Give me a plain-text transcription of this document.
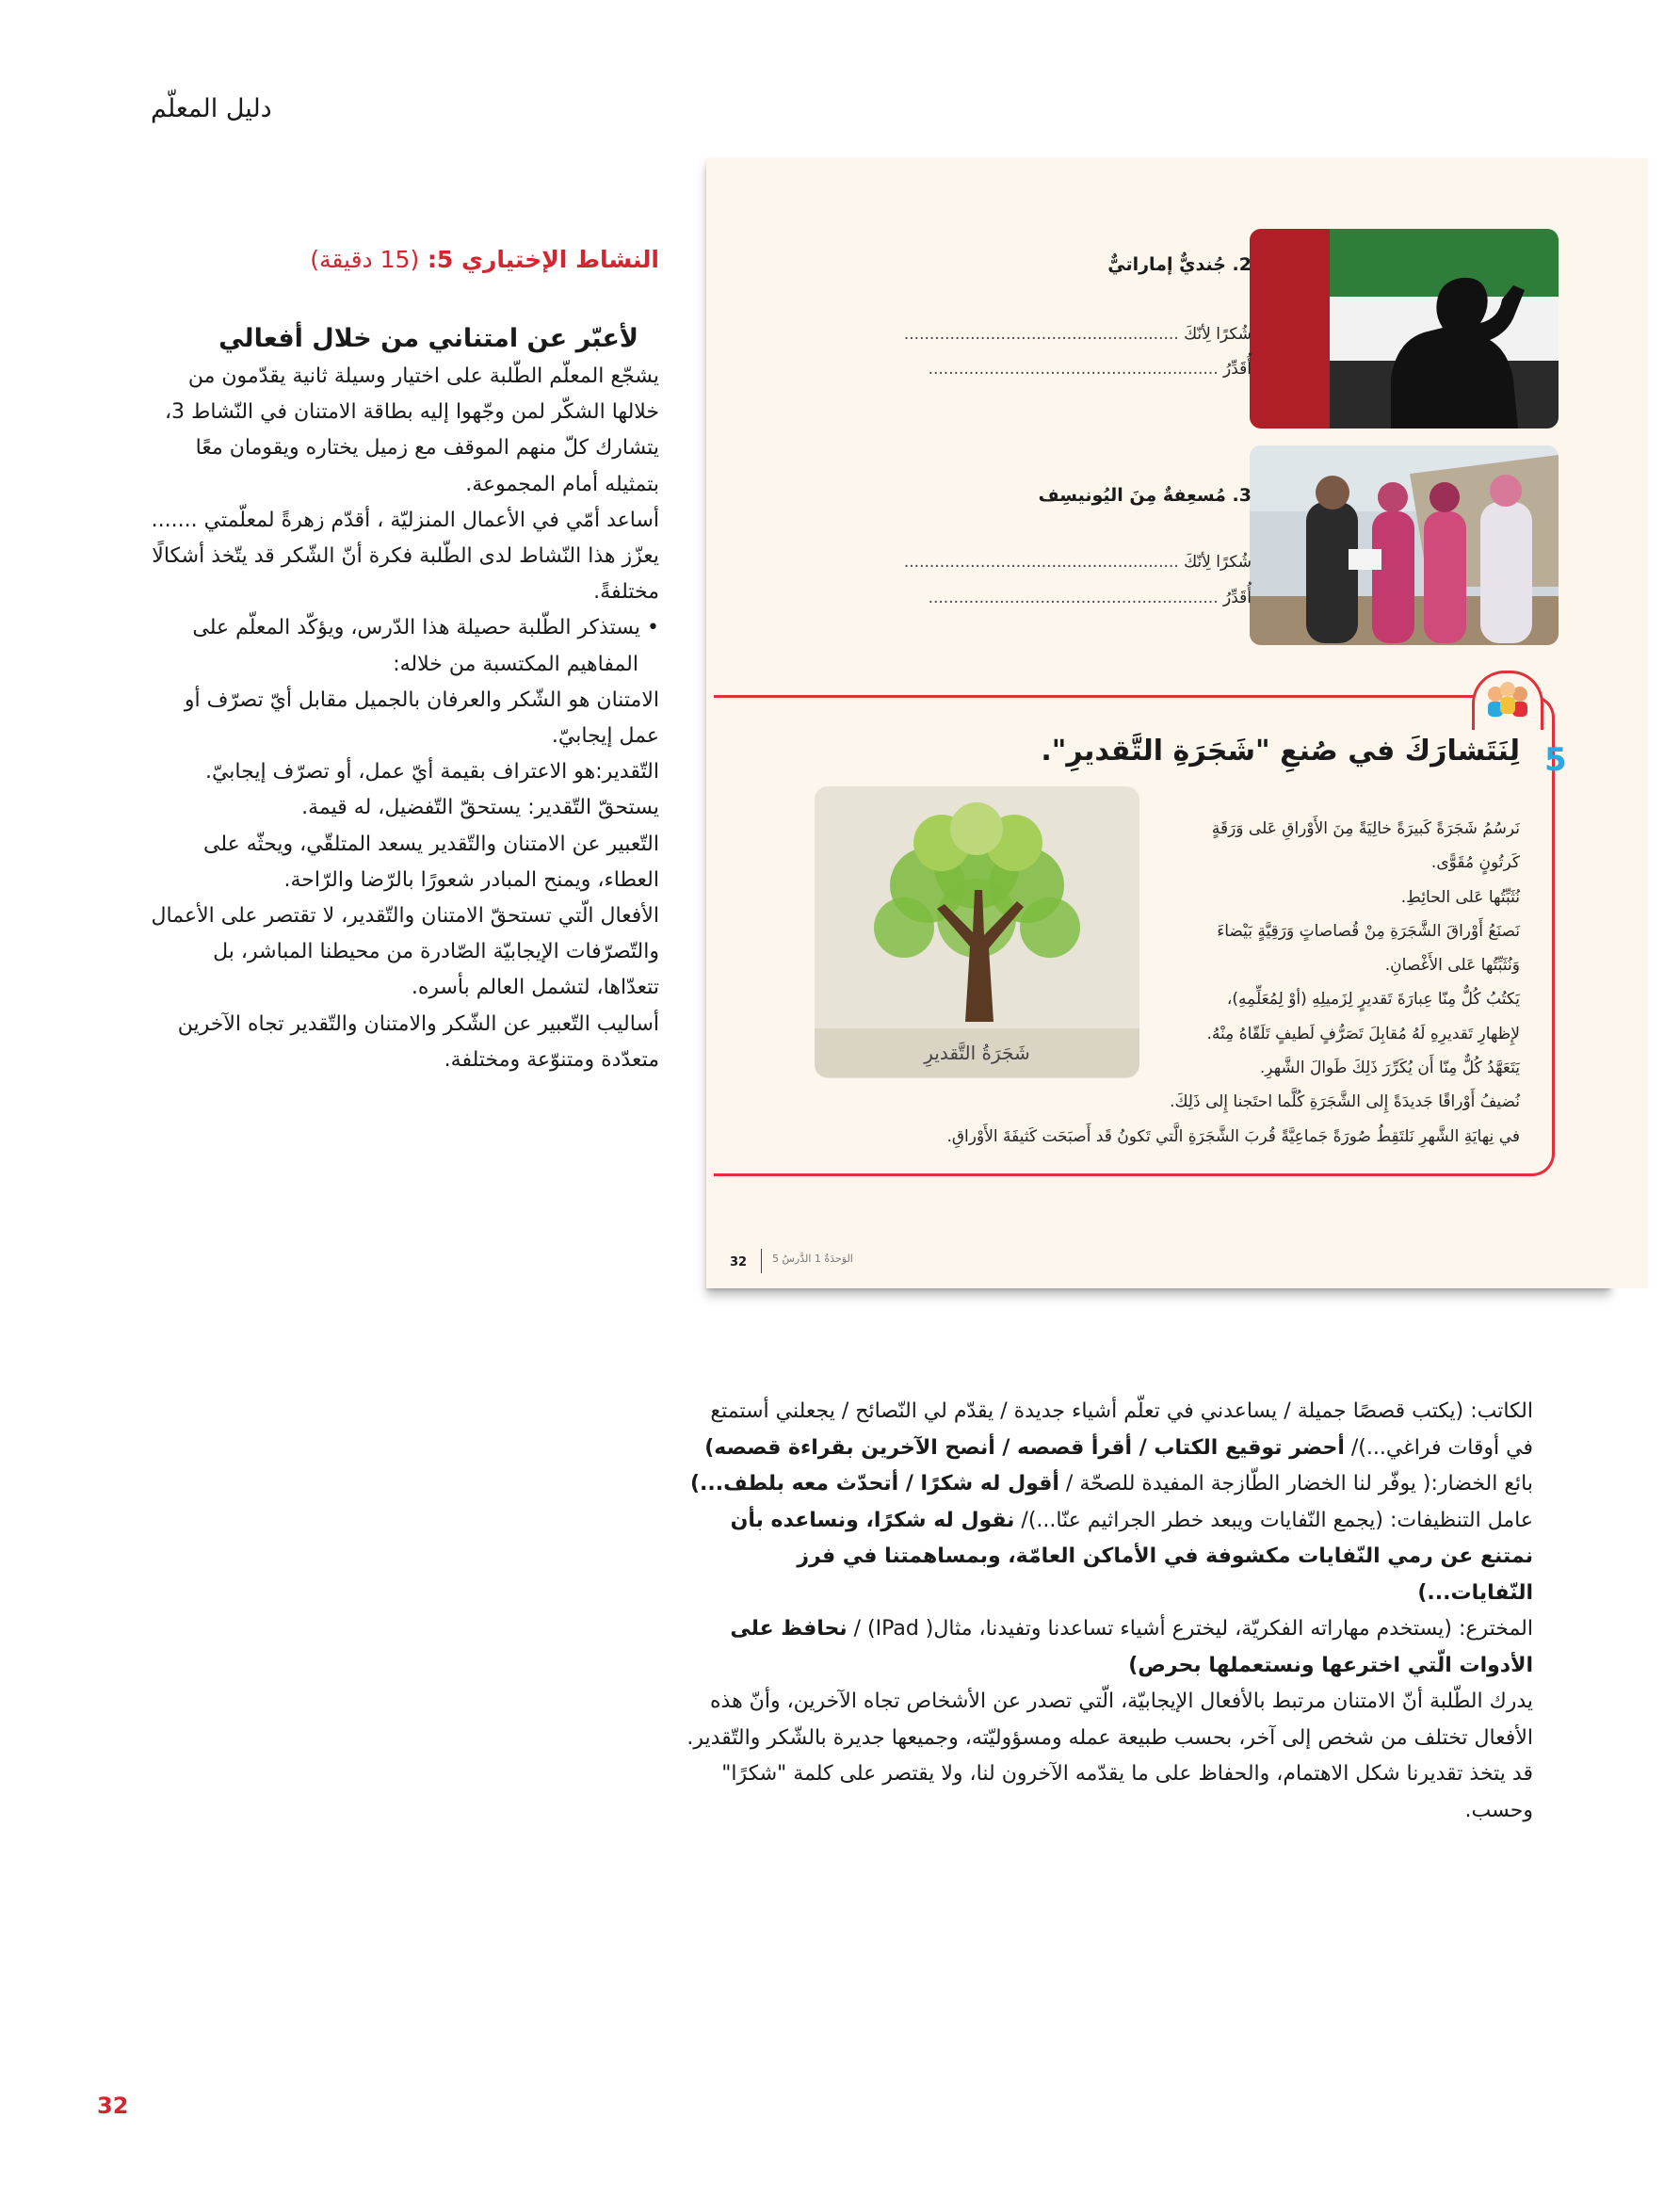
دليل المعلّم
النشاط الإختياري 5: (15 دقيقة)
لأعبّر عن امتناني من خلال أفعالي

يشجّع المعلّم الطّلبة على اختيار وسيلة ثانية يقدّمون من

خلالها الشكّر لمن وجّهوا إليه بطاقة الامتنان في النّشاط 3،

يتشارك كلّ منهم الموقف مع زميل يختاره ويقومان معًا

بتمثيله أمام المجموعة.

أساعد أمّي في الأعمال المنزليّة ، أقدّم زهرةً لمعلّمتي .......

يعزّز هذا النّشاط لدى الطّلبة فكرة أنّ الشّكر قد يتّخذ أشكالًا

مختلفةً.

• يستذكر الطّلبة حصيلة هذا الدّرس، ويؤكّد المعلّم على

المفاهيم المكتسبة من خلاله:

الامتنان هو الشّكر والعرفان بالجميل مقابل أيّ تصرّف أو

عمل إيجابيّ.

التّقدير:هو الاعتراف بقيمة أيّ عمل، أو تصرّف إيجابيّ.

يستحقّ التّقدير: يستحقّ التّفضيل، له قيمة.

التّعبير عن الامتنان والتّقدير يسعد المتلقّي، ويحثّه على

العطاء، ويمنح المبادر شعورًا بالرّضا والرّاحة.

الأفعال الّتي تستحقّ الامتنان والتّقدير، لا تقتصر على الأعمال

والتّصرّفات الإيجابيّة الصّادرة من محيطنا المباشر، بل

تتعدّاها، لتشمل العالم بأسره.

أساليب التّعبير عن الشّكر والامتنان والتّقدير تجاه الآخرين

متعدّدة ومتنوّعة ومختلفة.

2. جُنديٌّ إماراتيٌّ
شُكرًا لِأنّكَ ......................................................
أُقَدِّرُ .........................................................
3. مُسعِفةٌ مِنَ اليُونيسِف
شُكرًا لِأنّكَ ......................................................
أُقَدِّرُ .........................................................
5
لِنَتَشارَكَ في صُنعِ "شَجَرَةِ التَّقديرِ".
شَجَرَةُ التَّقديرِ

نَرسُمُ شَجَرَةً كَبيرَةً خالِيَةً مِنَ الأَوْراقِ عَلى وَرَقَةٍ

كَرتُونٍ مُقَوًّى.

نُثَبِّتُها عَلى الحائِطِ.

نَصنَعُ أَوْراقَ الشَّجَرَةِ مِنْ قُصاصاتٍ وَرَقِيَّةٍ بَيْضاءَ

وَنُثَبِّتُها عَلى الأَغْصانِ.

يَكتُبُ كُلٌّ مِنّا عِبارَةَ تَقديرٍ لِزَميلِهِ (أوْ لِمُعَلِّمِهِ)،

لإِظهارِ تَقديرِهِ لَهُ مُقابِلَ تَصَرُّفٍ لَطيفٍ تَلَقّاهُ مِنْهُ.

يَتَعَهَّدُ كُلٌّ مِنّا أَن يُكَرِّرَ ذَلِكَ طَوالَ الشَّهرِ.

نُضيفُ أَوْراقًا جَديدَةً إِلى الشَّجَرَةِ كُلَّما احتَجنا إِلى ذَلِكَ.

في نِهايَةِ الشَّهرِ نَلتَقِطُ صُورَةً جَماعِيَّةً قُربَ الشَّجَرَةِ الَّتي تَكونُ قَد أَصبَحَت كَثيفَةَ الأَوْراقِ.

32 الوَحدَةُ 1 الدَّرسُ 5

الكاتب: (يكتب قصصًا جميلة / يساعدني في تعلّم أشياء جديدة / يقدّم لي النّصائح / يجعلني أستمتع في أوقات فراغي...)/ أحضر توقيع الكتاب / أقرأ قصصه / أنصح الآخرين بقراءة قصصه)

بائع الخضار:( يوفّر لنا الخضار الطّازجة المفيدة للصحّة / أقول له شكرًا / أتحدّث معه بلطف...)

عامل التنظيفات: (يجمع النّفايات ويبعد خطر الجراثيم عنّا...)/ نقول له شكرًا، ونساعده بأن نمتنع عن رمي النّفايات مكشوفة في الأماكن العامّة، وبمساهمتنا في فرز النّفايات...)

المخترع: (يستخدم مهاراته الفكريّة، ليخترع أشياء تساعدنا وتفيدنا، مثال( IPad) / نحافظ على الأدوات الّتي اخترعها ونستعملها بحرص)

يدرك الطّلبة أنّ الامتنان مرتبط بالأفعال الإيجابيّة، الّتي تصدر عن الأشخاص تجاه الآخرين، وأنّ هذه الأفعال تختلف من شخص إلى آخر، بحسب طبيعة عمله ومسؤوليّته، وجميعها جديرة بالشّكر والتّقدير.

قد يتخذ تقديرنا شكل الاهتمام، والحفاظ على ما يقدّمه الآخرون لنا، ولا يقتصر على كلمة "شكرًا" وحسب.

32
